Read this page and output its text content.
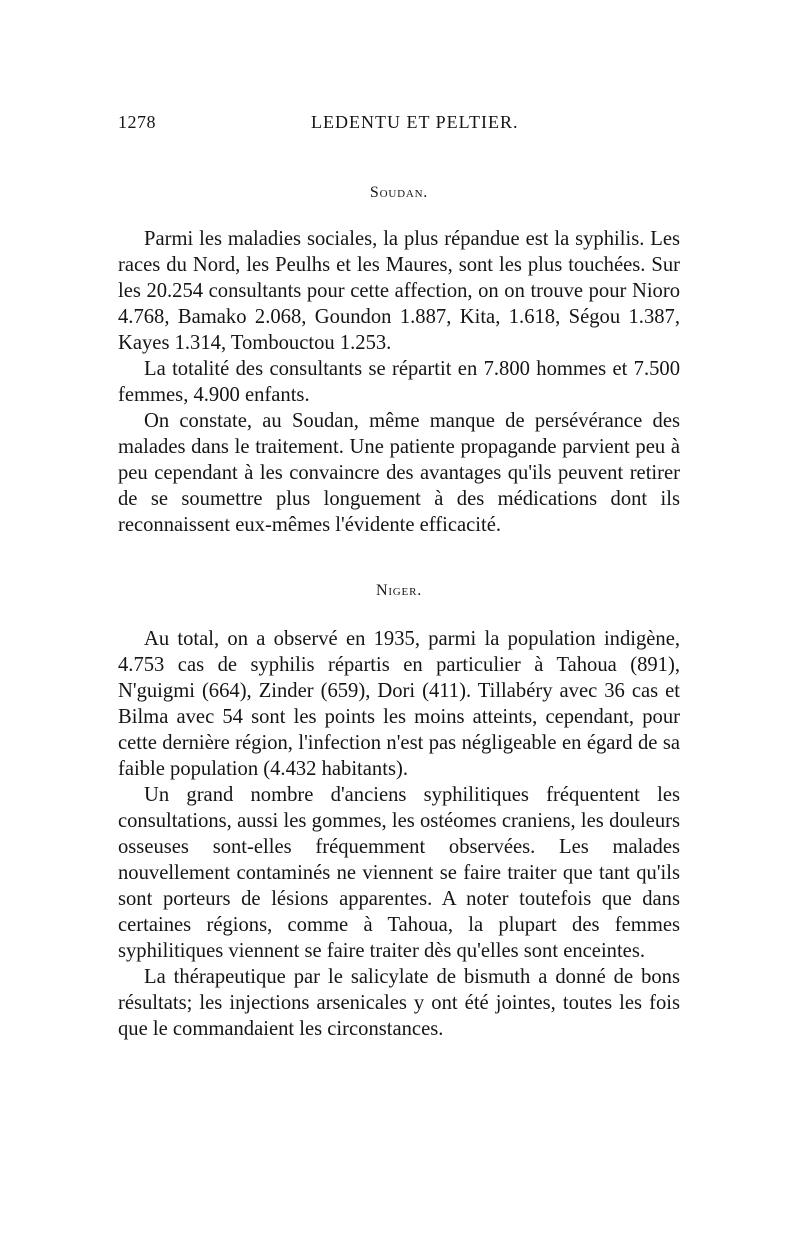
1278	LEDENTU ET PELTIER.
Soudan.

Parmi les maladies sociales, la plus répandue est la syphilis. Les races du Nord, les Peulhs et les Maures, sont les plus touchées. Sur les 20.254 consultants pour cette affection, on on trouve pour Nioro 4.768, Bamako 2.068, Goundon 1.887, Kita, 1.618, Ségou 1.387, Kayes 1.314, Tombouctou 1.253.

La totalité des consultants se répartit en 7.800 hommes et 7.500 femmes, 4.900 enfants.

On constate, au Soudan, même manque de persévérance des malades dans le traitement. Une patiente propagande parvient peu à peu cependant à les convaincre des avantages qu'ils peuvent retirer de se soumettre plus longuement à des médications dont ils reconnaissent eux-mêmes l'évidente efficacité.

Niger.

Au total, on a observé en 1935, parmi la population indigène, 4.753 cas de syphilis répartis en particulier à Tahoua (891), N'guigmi (664), Zinder (659), Dori (411). Tillabéry avec 36 cas et Bilma avec 54 sont les points les moins atteints, cependant, pour cette dernière région, l'infection n'est pas négligeable en égard de sa faible population (4.432 habitants).

Un grand nombre d'anciens syphilitiques fréquentent les consultations, aussi les gommes, les ostéomes craniens, les douleurs osseuses sont-elles fréquemment observées. Les malades nouvellement contaminés ne viennent se faire traiter que tant qu'ils sont porteurs de lésions apparentes. A noter toutefois que dans certaines régions, comme à Tahoua, la plupart des femmes syphilitiques viennent se faire traiter dès qu'elles sont enceintes.

La thérapeutique par le salicylate de bismuth a donné de bons résultats; les injections arsenicales y ont été jointes, toutes les fois que le commandaient les circonstances.
